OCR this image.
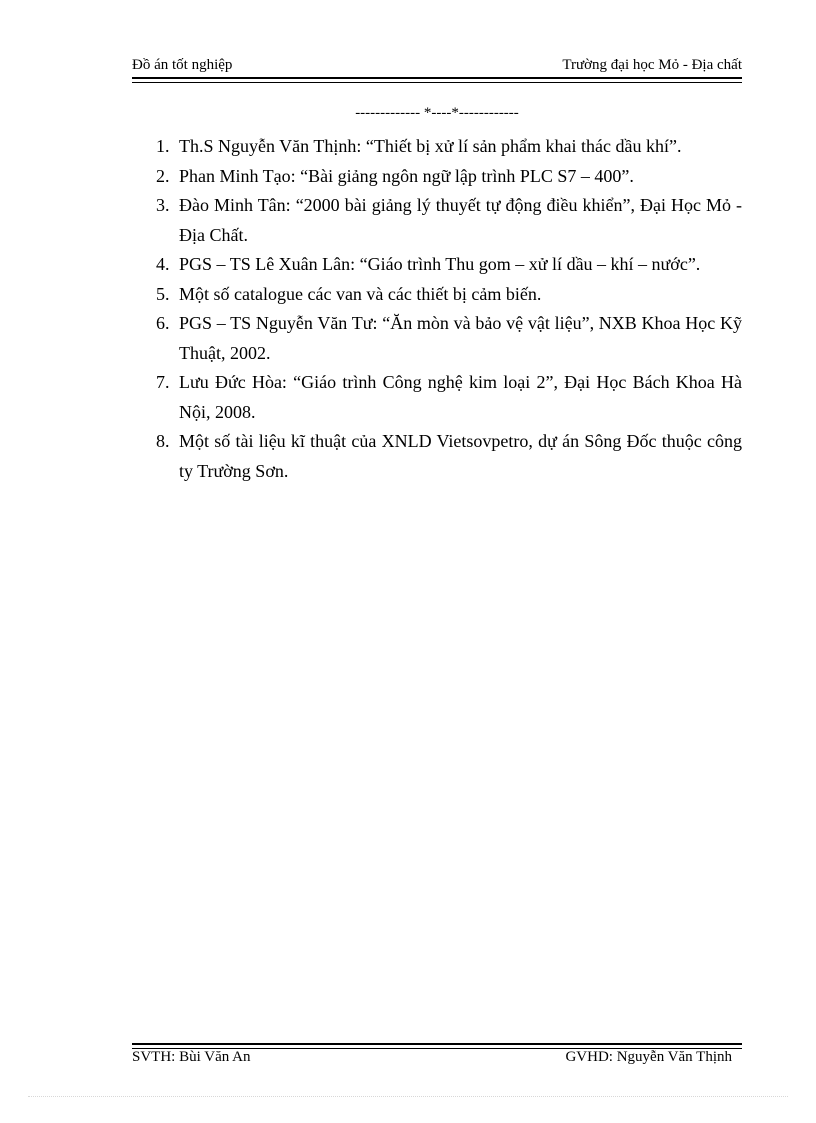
Đồ án tốt nghiệp	Trường đại học Mỏ - Địa chất
------------- *----*------------
1. Th.S Nguyễn Văn Thịnh: “Thiết bị xử lí sản phẩm khai thác dầu khí”.
2. Phan Minh Tạo: “Bài giảng ngôn ngữ lập trình PLC S7 – 400”.
3. Đào Minh Tân: “2000 bài giảng lý thuyết tự động điều khiển”, Đại Học Mỏ - Địa Chất.
4. PGS – TS Lê Xuân Lân: “Giáo trình Thu gom – xử lí dầu – khí – nước”.
5. Một số catalogue các van và các thiết bị cảm biến.
6. PGS – TS Nguyễn Văn Tư: “Ăn mòn và bảo vệ vật liệu”, NXB Khoa Học Kỹ Thuật, 2002.
7. Lưu Đức Hòa: “Giáo trình Công nghệ kim loại 2”, Đại Học Bách Khoa Hà Nội, 2008.
8. Một số tài liệu kĩ thuật của XNLD Vietsovpetro, dự án Sông Đốc thuộc công ty Trường Sơn.
SVTH: Bùi Văn An	GVHD: Nguyễn Văn Thịnh
